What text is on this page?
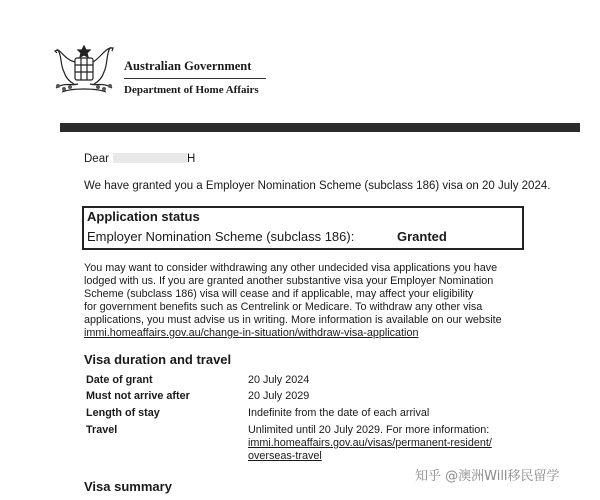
Australian Government
Department of Home Affairs
Dear	H
We have granted you a Employer Nomination Scheme (subclass 186) visa on 20 July 2024.
Application status
Employer Nomination Scheme (subclass 186):	Granted
You may want to consider withdrawing any other undecided visa applications you have
lodged with us. If you are granted another substantive visa your Employer Nomination
Scheme (subclass 186) visa will cease and if applicable, may affect your eligibility
for government benefits such as Centrelink or Medicare. To withdraw any other visa
applications, you must advise us in writing. More information is available on our website
immi.homeaffairs.gov.au/change-in-situation/withdraw-visa-application
Visa duration and travel
Date of grant	20 July 2024
Must not arrive after	20 July 2029
Length of stay	Indefinite from the date of each arrival
Travel	Unlimited until 20 July 2029. For more information:
immi.homeaffairs.gov.au/visas/permanent-resident/
overseas-travel
Visa summary
知乎 @澳洲Will移民留学
